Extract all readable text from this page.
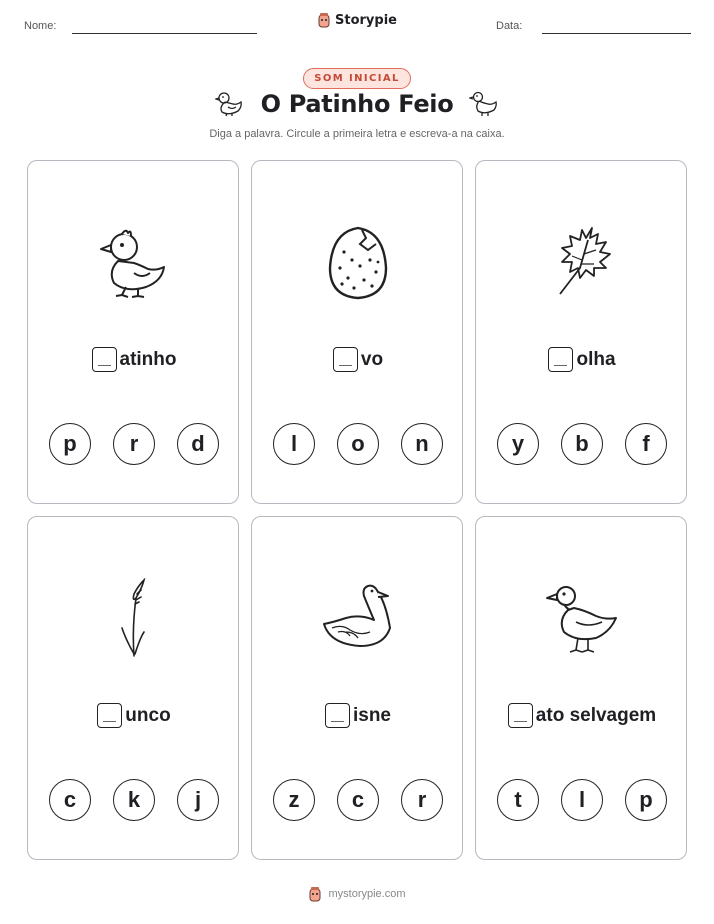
Nome:	Data:
Storypie
SOM INICIAL
O Patinho Feio
Diga a palavra. Circule a primeira letra e escreva-a na caixa.
atinho
p	r	d
vo
l	o	n
olha
y	b	f
unco
c	k	j
isne
z	c	r
ato selvagem
t	l	p
mystorypie.com
